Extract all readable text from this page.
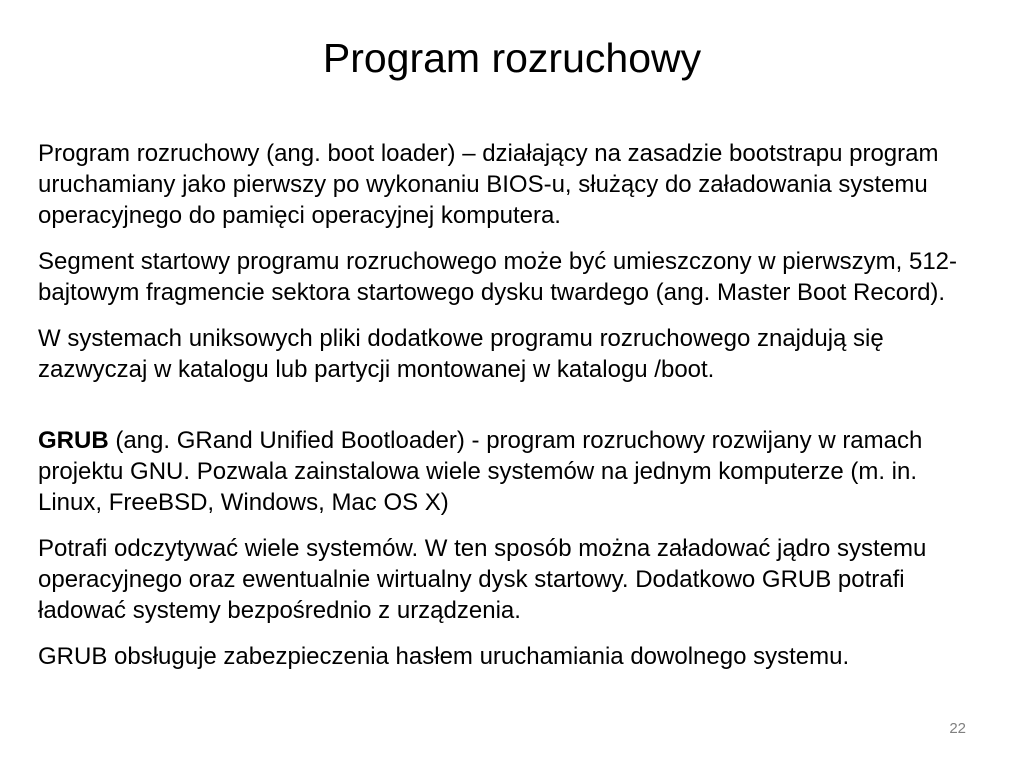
Program rozruchowy

Program rozruchowy (ang. boot loader) – działający na zasadzie bootstrapu program uruchamiany jako pierwszy po wykonaniu BIOS-u, służący do załadowania systemu operacyjnego do pamięci operacyjnej komputera.

Segment startowy programu rozruchowego może być umieszczony w pierwszym, 512-bajtowym fragmencie sektora startowego dysku twardego (ang. Master Boot Record).

W systemach uniksowych pliki dodatkowe programu rozruchowego znajdują się zazwyczaj w katalogu lub partycji montowanej w katalogu /boot.

GRUB (ang. GRand Unified Bootloader) - program rozruchowy rozwijany w ramach projektu GNU. Pozwala zainstalowa wiele systemów na jednym komputerze (m. in. Linux, FreeBSD, Windows, Mac OS X)

Potrafi odczytywać wiele systemów. W ten sposób można załadować jądro systemu operacyjnego oraz ewentualnie wirtualny dysk startowy. Dodatkowo GRUB potrafi ładować systemy bezpośrednio z urządzenia.

GRUB obsługuje zabezpieczenia hasłem uruchamiania dowolnego systemu.

22
